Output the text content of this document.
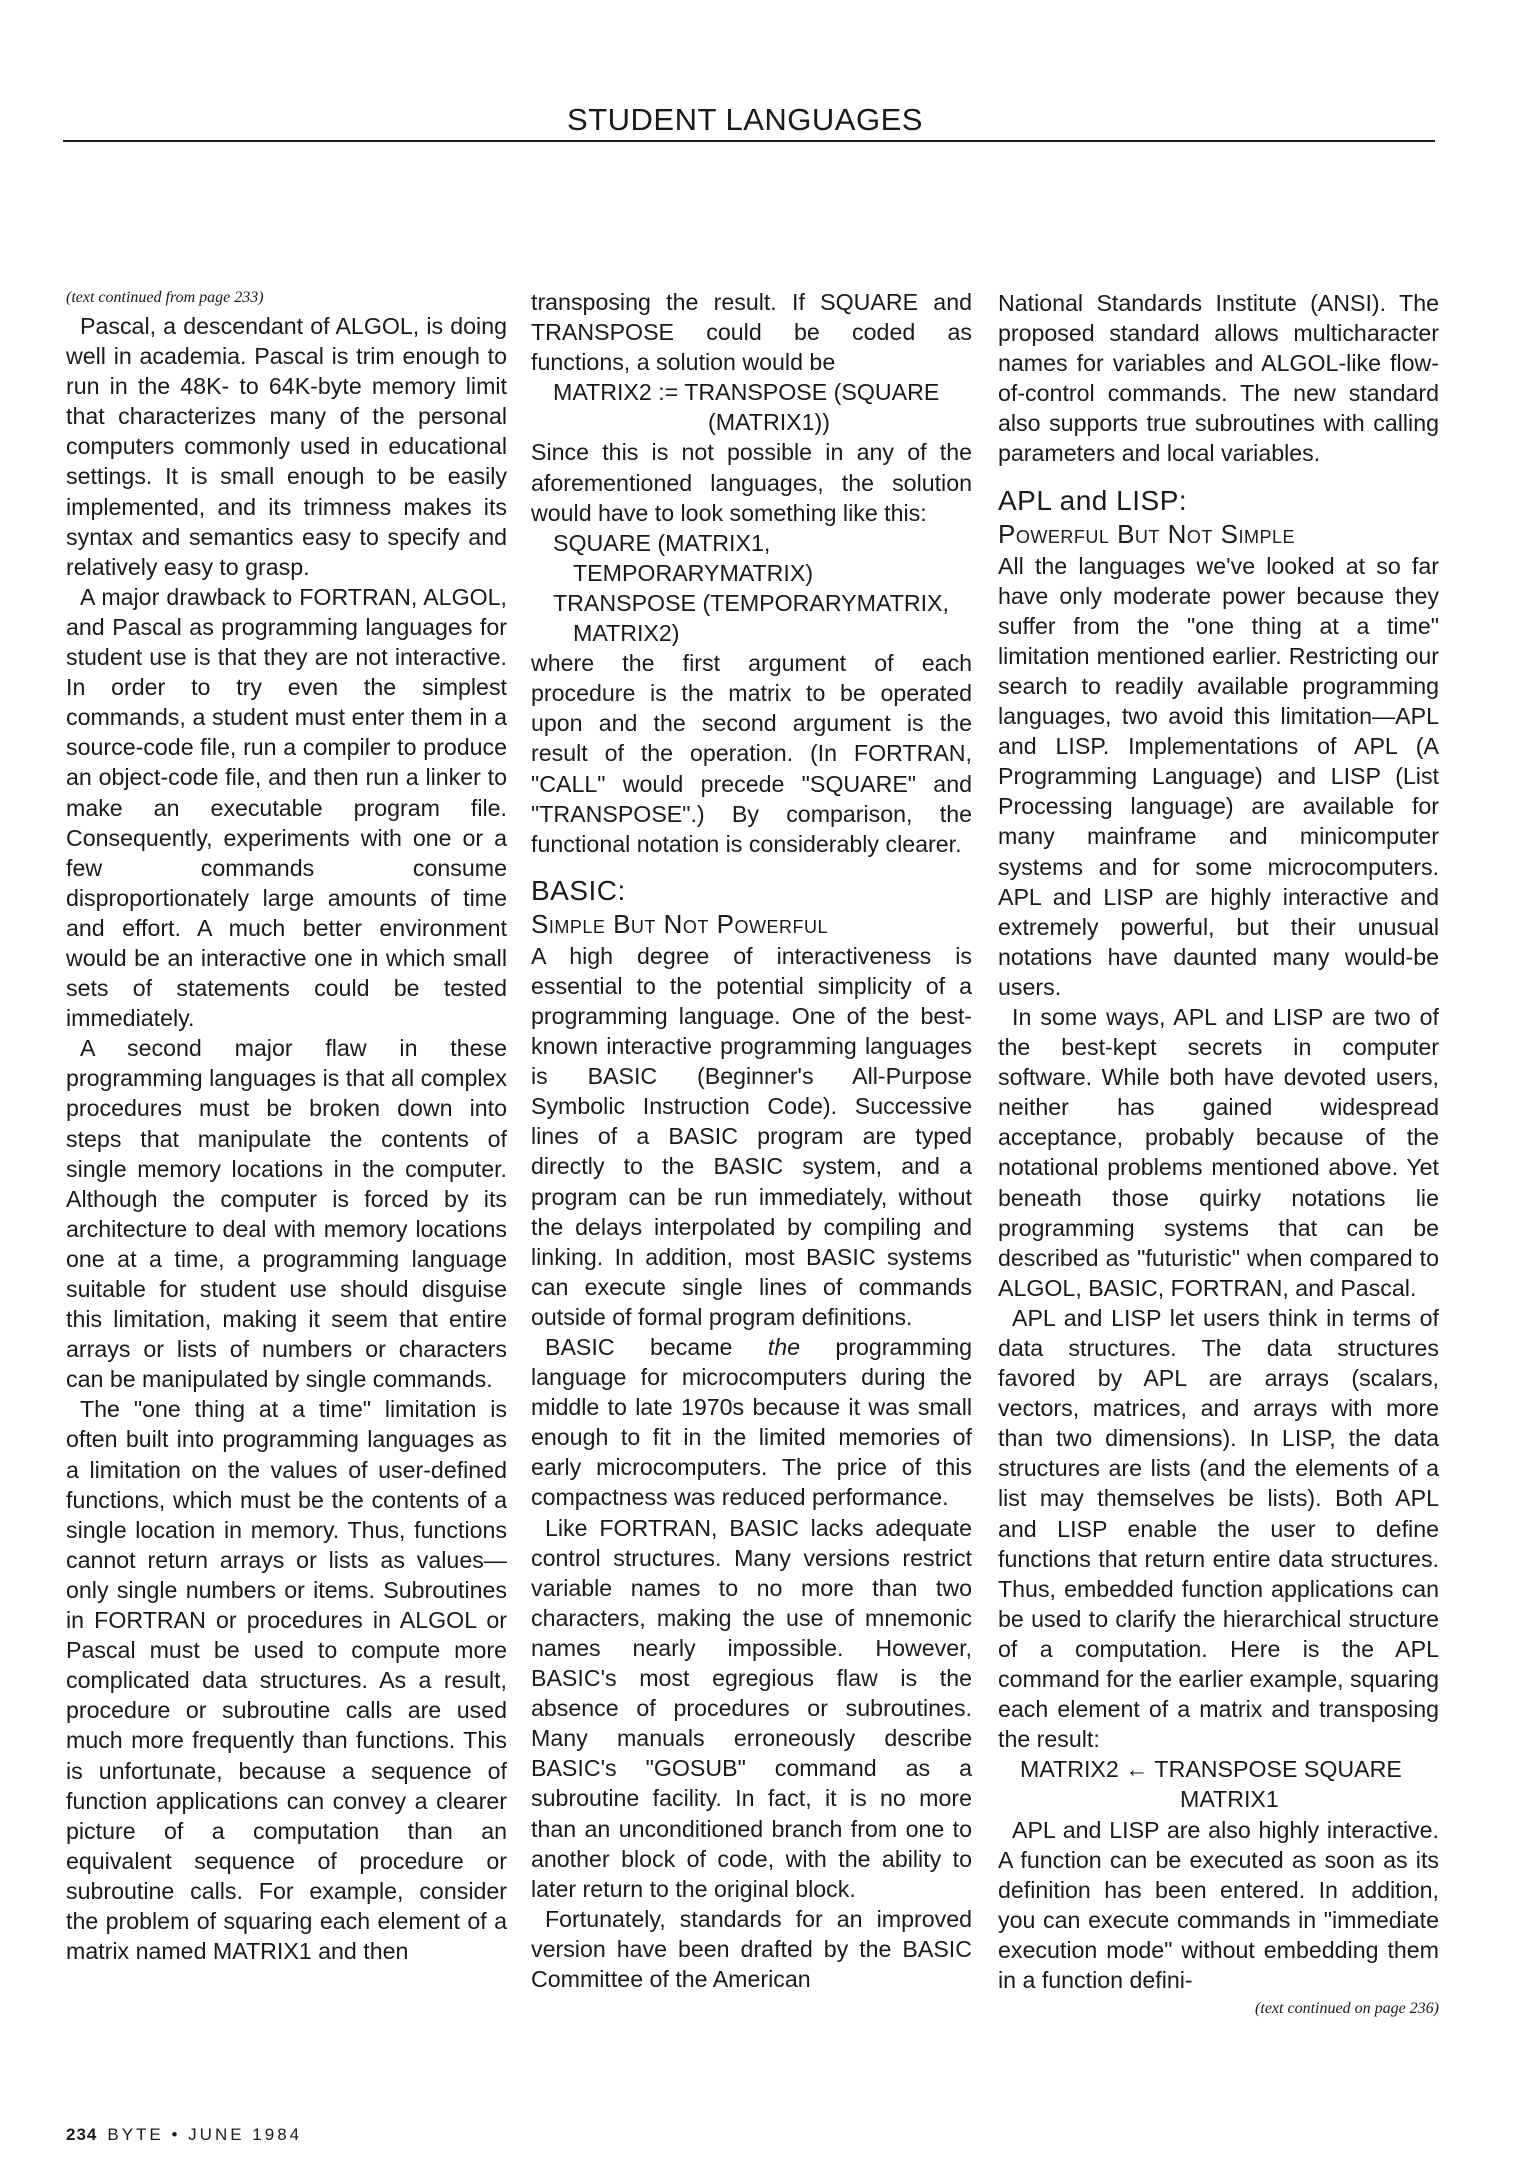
STUDENT LANGUAGES
(text continued from page 233)

Pascal, a descendant of ALGOL, is doing well in academia. Pascal is trim enough to run in the 48K- to 64K-byte memory limit that characterizes many of the personal computers commonly used in educational settings. It is small enough to be easily implemented, and its trimness makes its syntax and semantics easy to specify and relatively easy to grasp.

A major drawback to FORTRAN, ALGOL, and Pascal as programming languages for student use is that they are not interactive. In order to try even the simplest commands, a student must enter them in a source-code file, run a compiler to produce an object-code file, and then run a linker to make an executable program file. Consequently, experiments with one or a few commands consume disproportionately large amounts of time and effort. A much better environment would be an interactive one in which small sets of statements could be tested immediately.

A second major flaw in these programming languages is that all complex procedures must be broken down into steps that manipulate the contents of single memory locations in the computer. Although the computer is forced by its architecture to deal with memory locations one at a time, a programming language suitable for student use should disguise this limitation, making it seem that entire arrays or lists of numbers or characters can be manipulated by single commands.

The "one thing at a time" limitation is often built into programming languages as a limitation on the values of user-defined functions, which must be the contents of a single location in memory. Thus, functions cannot return arrays or lists as values—only single numbers or items. Subroutines in FORTRAN or procedures in ALGOL or Pascal must be used to compute more complicated data structures. As a result, procedure or subroutine calls are used much more frequently than functions. This is unfortunate, because a sequence of function applications can convey a clearer picture of a computation than an equivalent sequence of procedure or subroutine calls. For example, consider the problem of squaring each element of a matrix named MATRIX1 and then

transposing the result. If SQUARE and TRANSPOSE could be coded as functions, a solution would be

MATRIX2 := TRANSPOSE (SQUARE
(MATRIX1))

Since this is not possible in any of the aforementioned languages, the solution would have to look something like this:

SQUARE (MATRIX1,
TEMPORARYMATRIX)
TRANSPOSE (TEMPORARYMATRIX,
MATRIX2)

where the first argument of each procedure is the matrix to be operated upon and the second argument is the result of the operation. (In FORTRAN, "CALL" would precede "SQUARE" and "TRANSPOSE".) By comparison, the functional notation is considerably clearer.

BASIC:
Simple But Not Powerful

A high degree of interactiveness is essential to the potential simplicity of a programming language. One of the best-known interactive programming languages is BASIC (Beginner's All-Purpose Symbolic Instruction Code). Successive lines of a BASIC program are typed directly to the BASIC system, and a program can be run immediately, without the delays interpolated by compiling and linking. In addition, most BASIC systems can execute single lines of commands outside of formal program definitions.

BASIC became the programming language for microcomputers during the middle to late 1970s because it was small enough to fit in the limited memories of early microcomputers. The price of this compactness was reduced performance.

Like FORTRAN, BASIC lacks adequate control structures. Many versions restrict variable names to no more than two characters, making the use of mnemonic names nearly impossible. However, BASIC's most egregious flaw is the absence of procedures or subroutines. Many manuals erroneously describe BASIC's "GOSUB" command as a subroutine facility. In fact, it is no more than an unconditioned branch from one to another block of code, with the ability to later return to the original block.

Fortunately, standards for an improved version have been drafted by the BASIC Committee of the American

National Standards Institute (ANSI). The proposed standard allows multicharacter names for variables and ALGOL-like flow-of-control commands. The new standard also supports true subroutines with calling parameters and local variables.

APL and LISP:
Powerful But Not Simple

All the languages we've looked at so far have only moderate power because they suffer from the "one thing at a time" limitation mentioned earlier. Restricting our search to readily available programming languages, two avoid this limitation—APL and LISP. Implementations of APL (A Programming Language) and LISP (List Processing language) are available for many mainframe and minicomputer systems and for some microcomputers. APL and LISP are highly interactive and extremely powerful, but their unusual notations have daunted many would-be users.

In some ways, APL and LISP are two of the best-kept secrets in computer software. While both have devoted users, neither has gained widespread acceptance, probably because of the notational problems mentioned above. Yet beneath those quirky notations lie programming systems that can be described as "futuristic" when compared to ALGOL, BASIC, FORTRAN, and Pascal.

APL and LISP let users think in terms of data structures. The data structures favored by APL are arrays (scalars, vectors, matrices, and arrays with more than two dimensions). In LISP, the data structures are lists (and the elements of a list may themselves be lists). Both APL and LISP enable the user to define functions that return entire data structures. Thus, embedded function applications can be used to clarify the hierarchical structure of a computation. Here is the APL command for the earlier example, squaring each element of a matrix and transposing the result:

MATRIX2 ← TRANSPOSE SQUARE
MATRIX1

APL and LISP are also highly interactive. A function can be executed as soon as its definition has been entered. In addition, you can execute commands in "immediate execution mode" without embedding them in a function defini-

(text continued on page 236)
234 BYTE • JUNE 1984
